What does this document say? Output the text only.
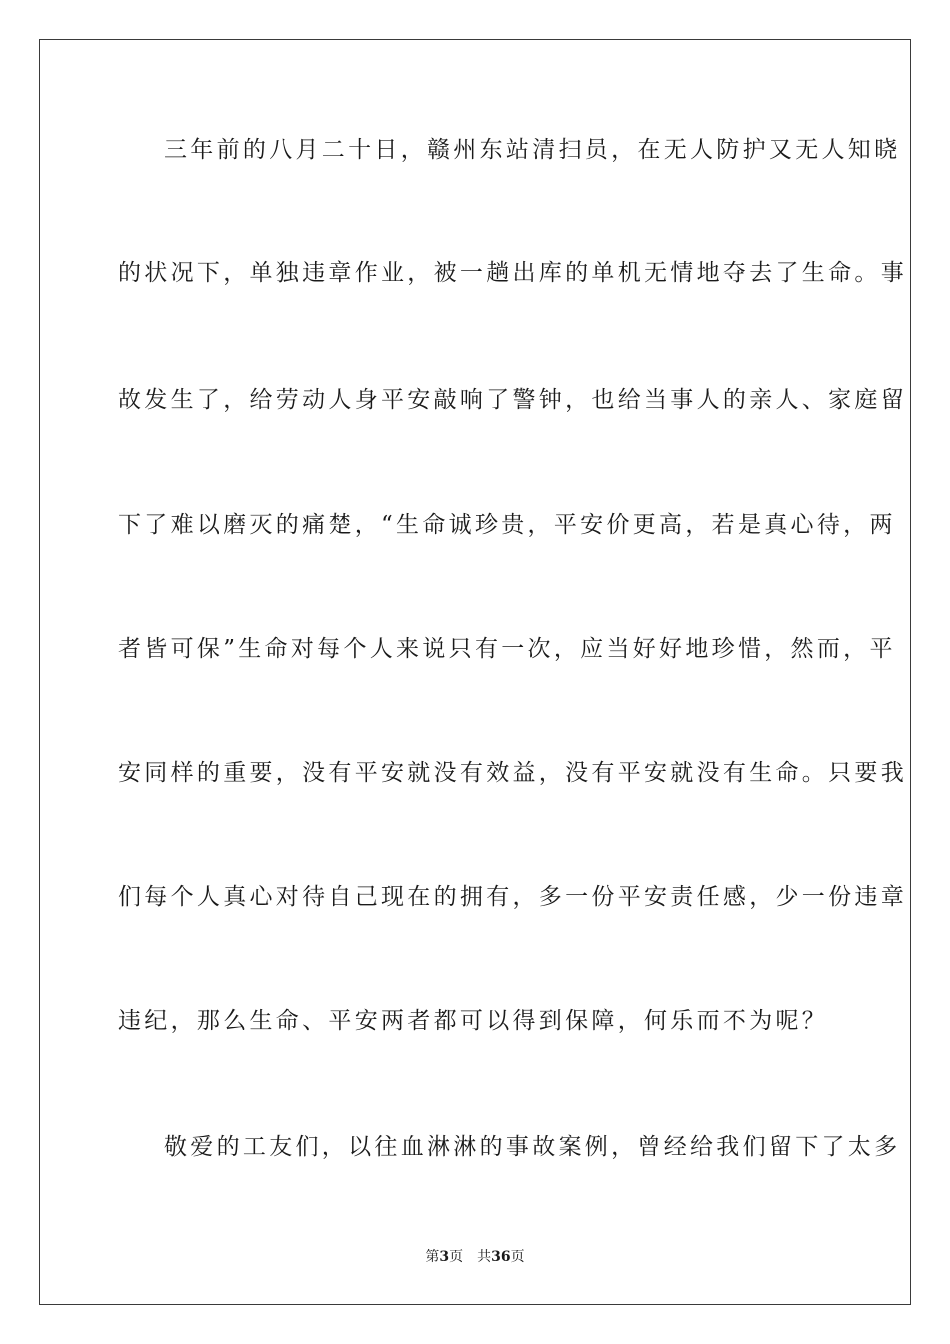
三年前的八月二十日，赣州东站清扫员，在无人防护又无人知晓
的状况下，单独违章作业，被一趟出库的单机无情地夺去了生命。事
故发生了，给劳动人身平安敲响了警钟，也给当事人的亲人、家庭留
下了难以磨灭的痛楚，“生命诚珍贵，平安价更高，若是真心待，两
者皆可保”生命对每个人来说只有一次，应当好好地珍惜，然而，平
安同样的重要，没有平安就没有效益，没有平安就没有生命。只要我
们每个人真心对待自己现在的拥有，多一份平安责任感，少一份违章
违纪，那么生命、平安两者都可以得到保障，何乐而不为呢？
敬爱的工友们，以往血淋淋的事故案例，曾经给我们留下了太多
第3页 共36页
